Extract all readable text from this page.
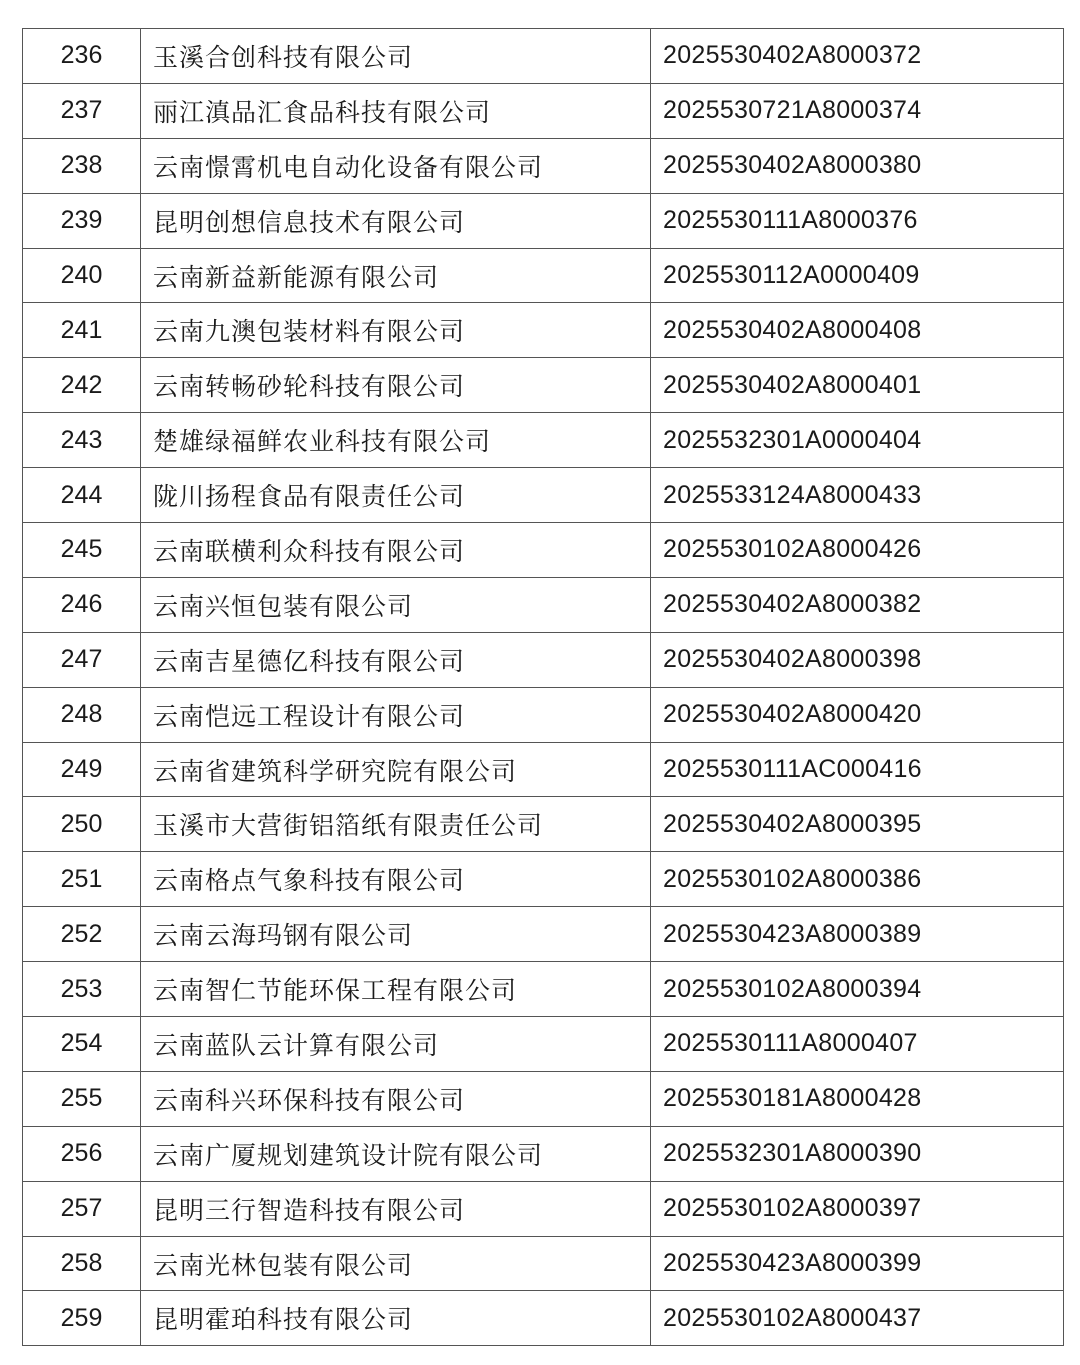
236	玉溪合创科技有限公司	2025530402A8000372
237	丽江滇品汇食品科技有限公司	2025530721A8000374
238	云南憬霄机电自动化设备有限公司	2025530402A8000380
239	昆明创想信息技术有限公司	2025530111A8000376
240	云南新益新能源有限公司	2025530112A0000409
241	云南九澳包装材料有限公司	2025530402A8000408
242	云南转畅砂轮科技有限公司	2025530402A8000401
243	楚雄绿福鲜农业科技有限公司	2025532301A0000404
244	陇川扬程食品有限责任公司	2025533124A8000433
245	云南联横利众科技有限公司	2025530102A8000426
246	云南兴恒包装有限公司	2025530402A8000382
247	云南吉星德亿科技有限公司	2025530402A8000398
248	云南恺远工程设计有限公司	2025530402A8000420
249	云南省建筑科学研究院有限公司	2025530111AC000416
250	玉溪市大营街铝箔纸有限责任公司	2025530402A8000395
251	云南格点气象科技有限公司	2025530102A8000386
252	云南云海玛钢有限公司	2025530423A8000389
253	云南智仁节能环保工程有限公司	2025530102A8000394
254	云南蓝队云计算有限公司	2025530111A8000407
255	云南科兴环保科技有限公司	2025530181A8000428
256	云南广厦规划建筑设计院有限公司	2025532301A8000390
257	昆明三行智造科技有限公司	2025530102A8000397
258	云南光林包装有限公司	2025530423A8000399
259	昆明霍珀科技有限公司	2025530102A8000437
